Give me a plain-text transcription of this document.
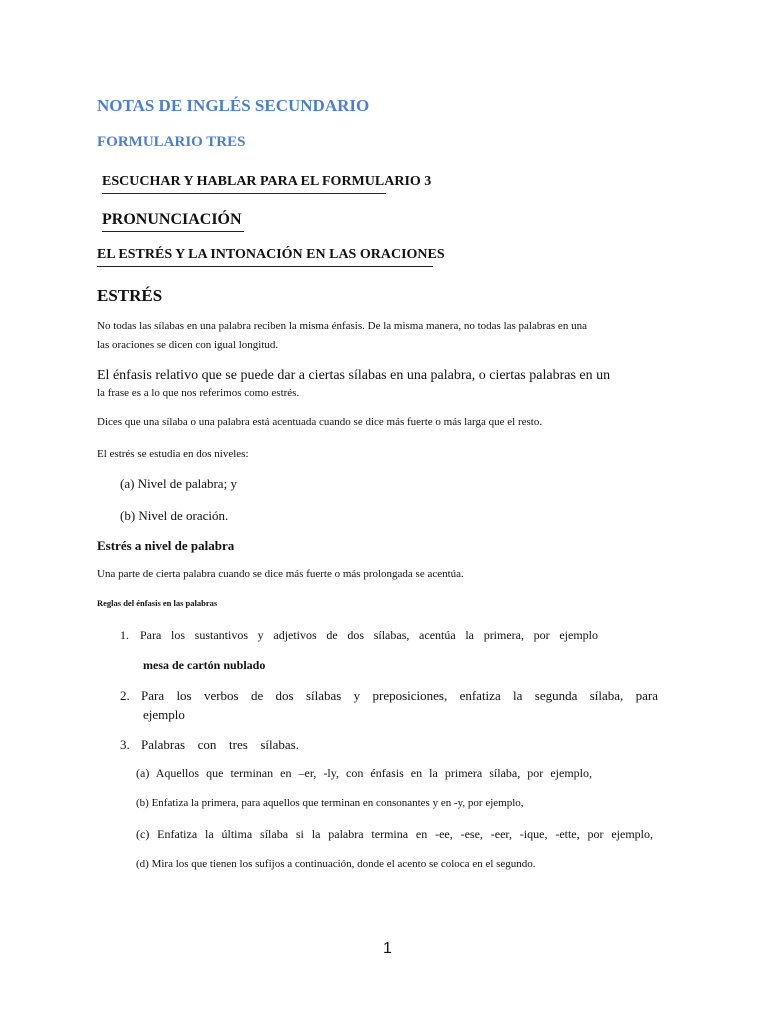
NOTAS DE INGLÉS SECUNDARIO
FORMULARIO TRES
ESCUCHAR Y HABLAR PARA EL FORMULARIO 3
PRONUNCIACIÓN
EL ESTRÉS Y LA INTONACIÓN EN LAS ORACIONES
ESTRÉS
No todas las sílabas en una palabra reciben la misma énfasis. De la misma manera, no todas las palabras en una
las oraciones se dicen con igual longitud.
El énfasis relativo que se puede dar a ciertas sílabas en una palabra, o ciertas palabras en un
la frase es a lo que nos referimos como estrés.
Dices que una sílaba o una palabra está acentuada cuando se dice más fuerte o más larga que el resto.
El estrés se estudia en dos niveles:
(a) Nivel de palabra; y
(b) Nivel de oración.
Estrés a nivel de palabra
Una parte de cierta palabra cuando se dice más fuerte o más prolongada se acentúa.
Reglas del énfasis en las palabras
1. Para los sustantivos y adjetivos de dos sílabas, acentúa la primera, por ejemplo
mesa de cartón nublado
2. Para los verbos de dos sílabas y preposiciones, enfatiza la segunda sílaba, para
ejemplo
3. Palabras con tres sílabas.
(a) Aquellos que terminan en –er, -ly, con énfasis en la primera sílaba, por ejemplo,
(b) Enfatiza la primera, para aquellos que terminan en consonantes y en -y, por ejemplo,
(c) Enfatiza la última sílaba si la palabra termina en -ee, -ese, -eer, -ique, -ette, por ejemplo,
(d) Mira los que tienen los sufijos a continuación, donde el acento se coloca en el segundo.
1
